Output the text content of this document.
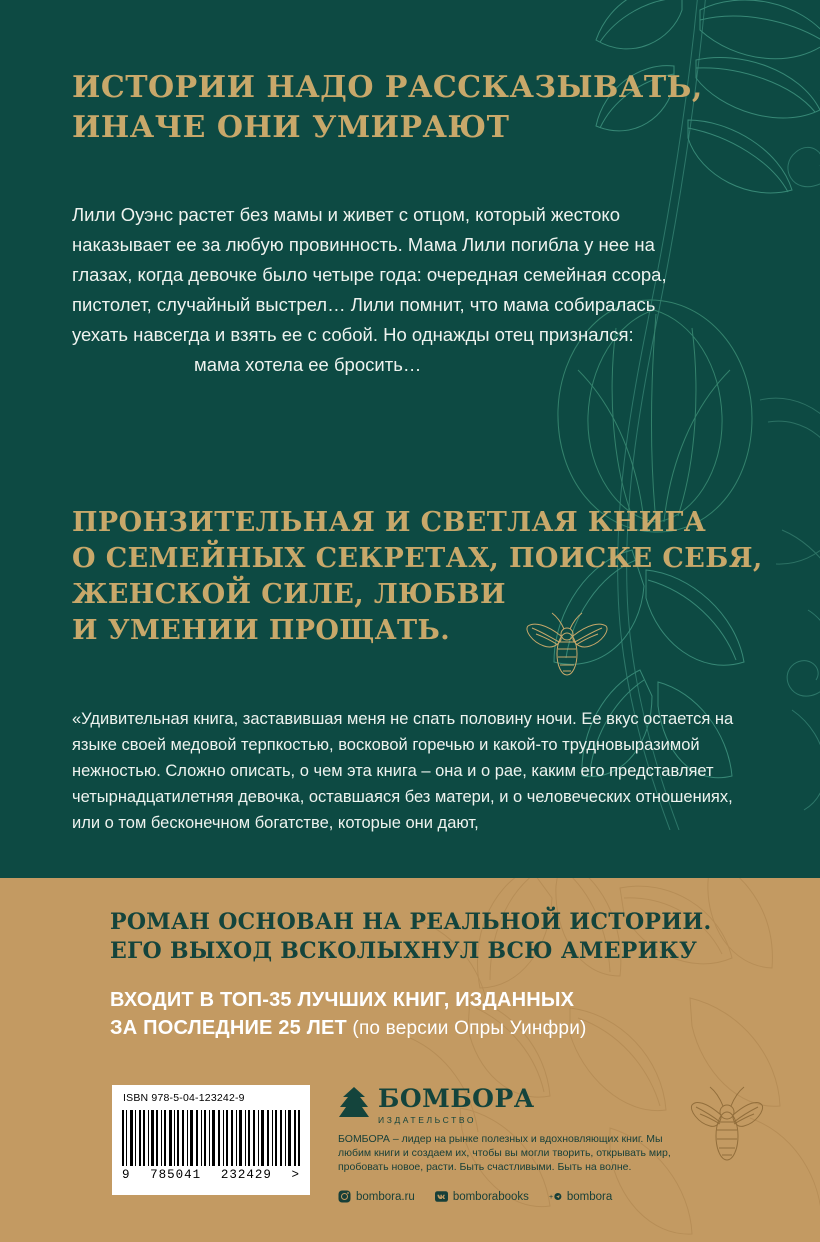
ИСТОРИИ НАДО РАССКАЗЫВАТЬ,
ИНАЧЕ ОНИ УМИРАЮТ
Лили Оуэнс растет без мамы и живет с отцом, который жестоко наказывает ее за любую провинность. Мама Лили погибла у нее на глазах, когда девочке было четыре года: очередная семейная ссора, пистолет, случайный выстрел… Лили помнит, что мама собиралась уехать навсегда и взять ее с собой. Но однажды отец признался: мама хотела ее бросить…
ПРОНЗИТЕЛЬНАЯ И СВЕТЛАЯ КНИГА
О СЕМЕЙНЫХ СЕКРЕТАХ, ПОИСКЕ СЕБЯ,
ЖЕНСКОЙ СИЛЕ, ЛЮБВИ
И УМЕНИИ ПРОЩАТЬ.
«Удивительная книга, заставившая меня не спать половину ночи. Ее вкус остается на языке своей медовой терпкостью, восковой горечью и какой-то трудновыразимой нежностью. Сложно описать, о чем эта книга – она и о рае, каким его представляет четырнадцатилетняя девочка, оставшаяся без матери, и о человеческих отношениях, или о том бесконечном богатстве, которые они дают,
РОМАН ОСНОВАН НА РЕАЛЬНОЙ ИСТОРИИ.
ЕГО ВЫХОД ВСКОЛЫХНУЛ ВСЮ АМЕРИКУ
ВХОДИТ В ТОП-35 ЛУЧШИХ КНИГ, ИЗДАННЫХ
ЗА ПОСЛЕДНИЕ 25 ЛЕТ (по версии Опры Уинфри)
ISBN 978-5-04-123242-9
9 785041 232429 >
БОМБОРА
ИЗДАТЕЛЬСТВО
БОМБОРА – лидер на рынке полезных и вдохновляющих книг. Мы любим книги и создаем их, чтобы вы могли творить, открывать мир, пробовать новое, расти. Быть счастливыми. Быть на волне.
bombora.ru	bomborabooks + bombora
